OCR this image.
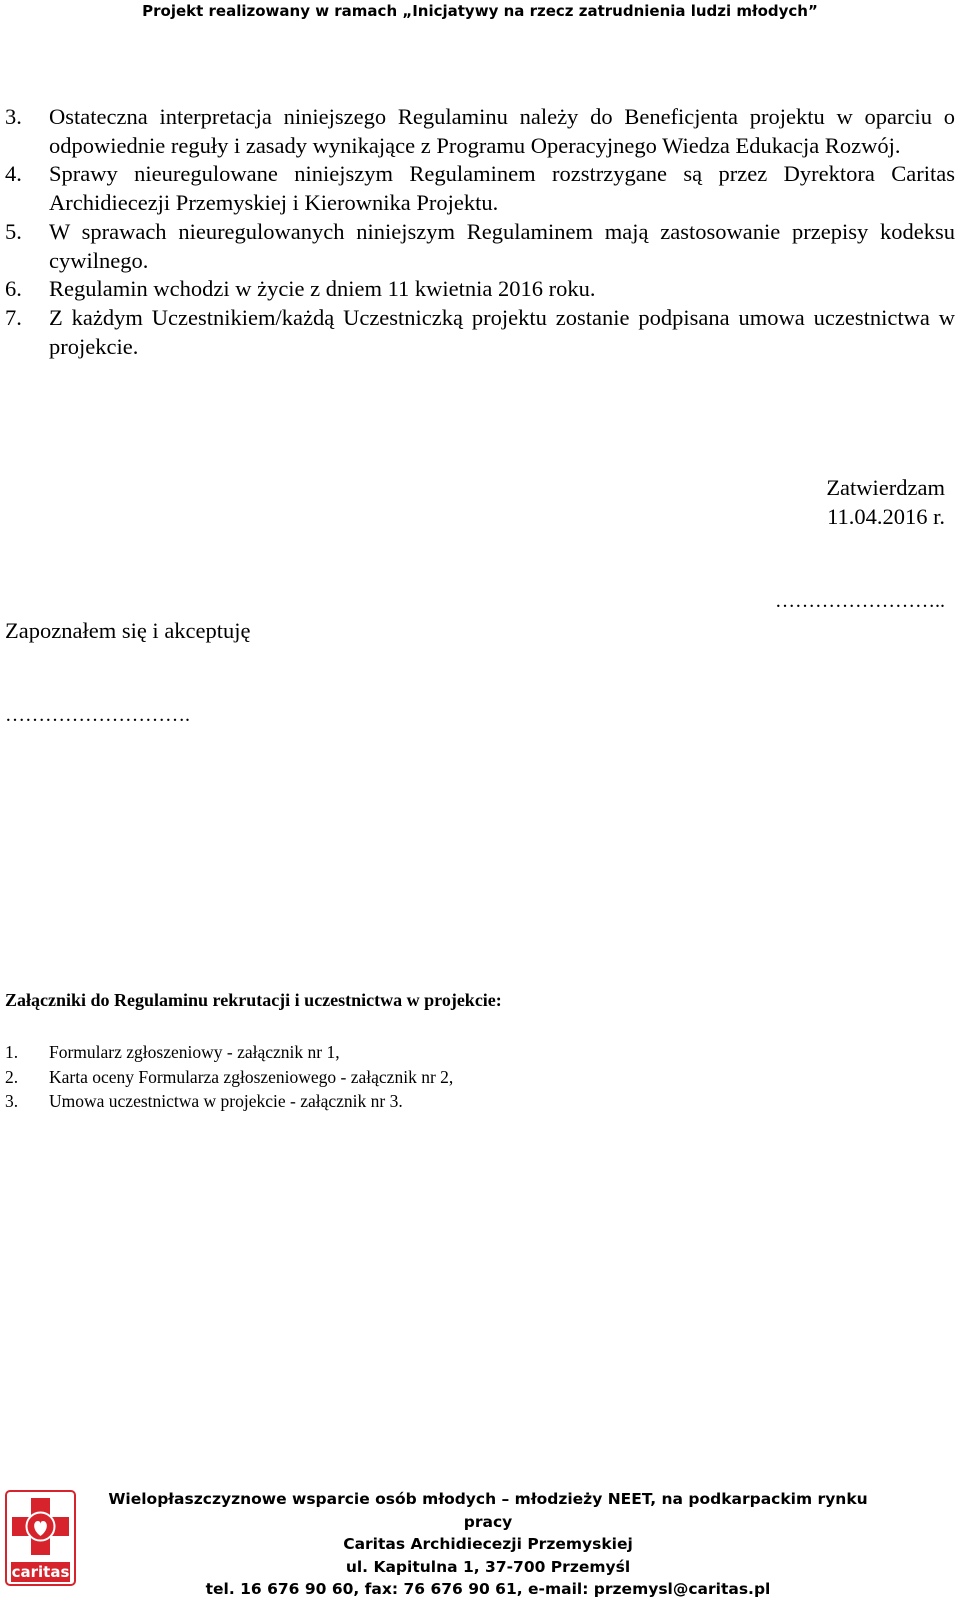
Projekt realizowany w ramach „Inicjatywy na rzecz zatrudnienia ludzi młodych”
3.	Ostateczna interpretacja niniejszego Regulaminu należy do Beneficjenta projektu w oparciu o odpowiednie reguły i zasady wynikające z Programu Operacyjnego Wiedza Edukacja Rozwój.
4.	Sprawy nieuregulowane niniejszym Regulaminem rozstrzygane są przez Dyrektora Caritas Archidiecezji Przemyskiej i Kierownika Projektu.
5.	W sprawach nieuregulowanych niniejszym Regulaminem mają zastosowanie przepisy kodeksu cywilnego.
6.	Regulamin wchodzi w życie z dniem 11 kwietnia 2016 roku.
7.	Z każdym Uczestnikiem/każdą Uczestniczką projektu zostanie podpisana umowa uczestnictwa w projekcie.
Zatwierdzam
11.04.2016 r.
……………………..
Zapoznałem się i akceptuję
……………………….
Załączniki do Regulaminu rekrutacji i uczestnictwa w projekcie:
1.	Formularz zgłoszeniowy - załącznik nr 1,
2.	Karta oceny Formularza zgłoszeniowego - załącznik nr 2,
3.	Umowa uczestnictwa w projekcie - załącznik nr 3.
caritas
Wielopłaszczyznowe wsparcie osób młodych – młodzieży NEET, na podkarpackim rynku pracy
Caritas Archidiecezji Przemyskiej
ul. Kapitulna 1, 37-700 Przemyśl
tel. 16 676 90 60, fax: 76 676 90 61, e-mail: przemysl@caritas.pl
